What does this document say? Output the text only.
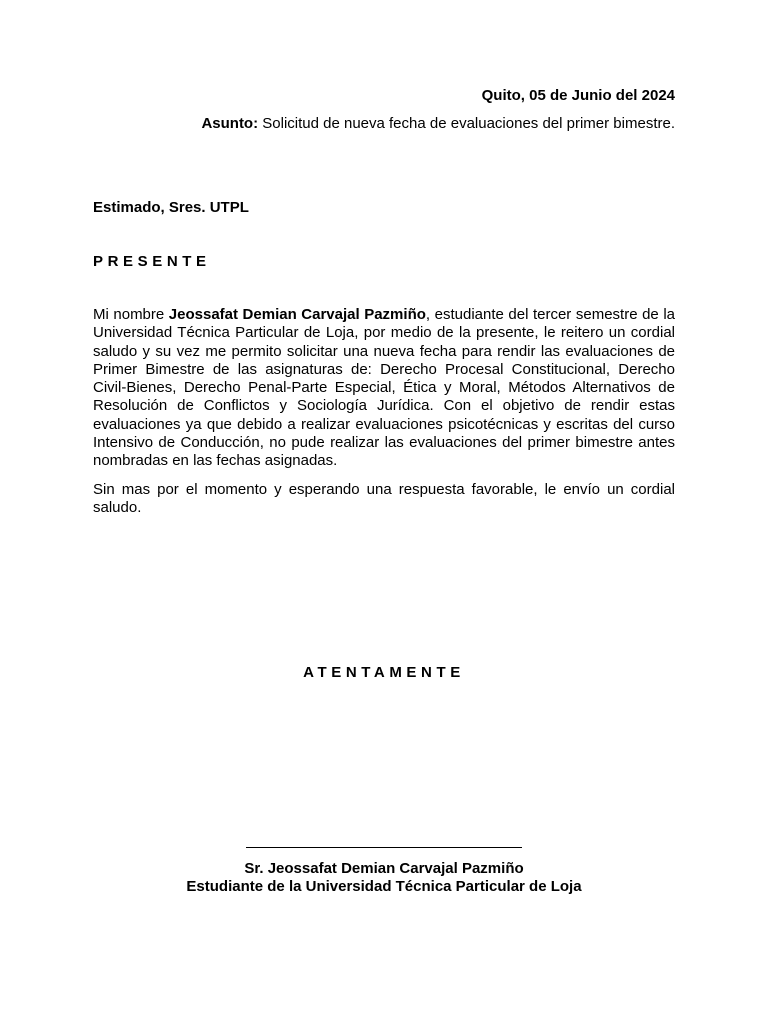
Quito, 05 de Junio del 2024
Asunto: Solicitud de nueva fecha de evaluaciones del primer bimestre.
Estimado, Sres. UTPL
PRESENTE

Mi nombre Jeossafat Demian Carvajal Pazmiño, estudiante del tercer semestre de la Universidad Técnica Particular de Loja, por medio de la presente, le reitero un cordial saludo y su vez me permito solicitar una nueva fecha para rendir las evaluaciones de Primer Bimestre de las asignaturas de: Derecho Procesal Constitucional, Derecho Civil-Bienes, Derecho Penal-Parte Especial, Ética y Moral, Métodos Alternativos de Resolución de Conflictos y Sociología Jurídica. Con el objetivo de rendir estas evaluaciones ya que debido a realizar evaluaciones psicotécnicas y escritas del curso Intensivo de Conducción, no pude realizar las evaluaciones del primer bimestre antes nombradas en las fechas asignadas.

Sin mas por el momento y esperando una respuesta favorable, le envío un cordial saludo.

ATENTAMENTE
Sr. Jeossafat Demian Carvajal Pazmiño
Estudiante de la Universidad Técnica Particular de Loja
